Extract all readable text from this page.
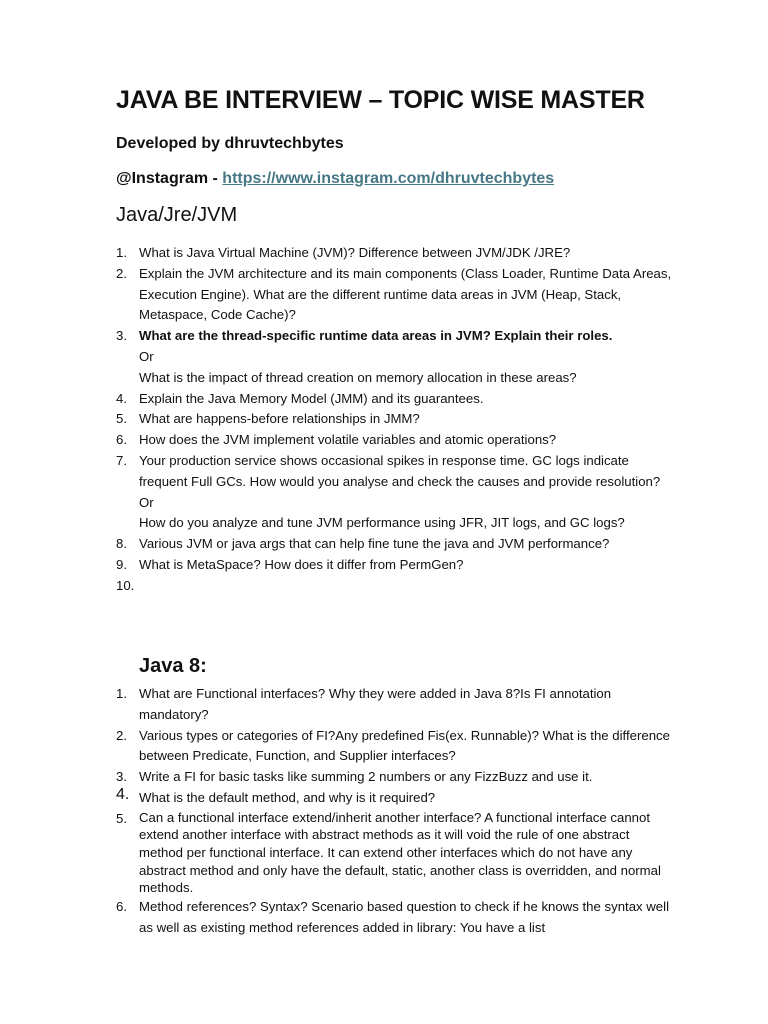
JAVA BE INTERVIEW – TOPIC WISE MASTER

Developed by dhruvtechbytes

@Instagram - https://www.instagram.com/dhruvtechbytes

Java/Jre/JVM
1. What is Java Virtual Machine (JVM)? Difference between JVM/JDK /JRE?
2. Explain the JVM architecture and its main components (Class Loader, Runtime Data Areas, Execution Engine). What are the different runtime data areas in JVM (Heap, Stack, Metaspace, Code Cache)?
3. What are the thread-specific runtime data areas in JVM? Explain their roles.
Or
What is the impact of thread creation on memory allocation in these areas?
4. Explain the Java Memory Model (JMM) and its guarantees.
5. What are happens-before relationships in JMM?
6. How does the JVM implement volatile variables and atomic operations?
7. Your production service shows occasional spikes in response time. GC logs indicate frequent Full GCs. How would you analyse and check the causes and provide resolution?
Or
How do you analyze and tune JVM performance using JFR, JIT logs, and GC logs?
8. Various JVM or java args that can help fine tune the java and JVM performance?
9. What is MetaSpace? How does it differ from PermGen?
10.

Java 8:
1. What are Functional interfaces? Why they were added in Java 8?Is FI annotation mandatory?
2. Various types or categories of FI?Any predefined Fis(ex. Runnable)? What is the difference between Predicate, Function, and Supplier interfaces?
3. Write a FI for basic tasks like summing 2 numbers or any FizzBuzz and use it.
4. What is the default method, and why is it required?
5. Can a functional interface extend/inherit another interface? A functional interface cannot extend another interface with abstract methods as it will void the rule of one abstract method per functional interface. It can extend other interfaces which do not have any abstract method and only have the default, static, another class is overridden, and normal methods.
6. Method references? Syntax? Scenario based question to check if he knows the syntax well as well as existing method references added in library: You have a list
